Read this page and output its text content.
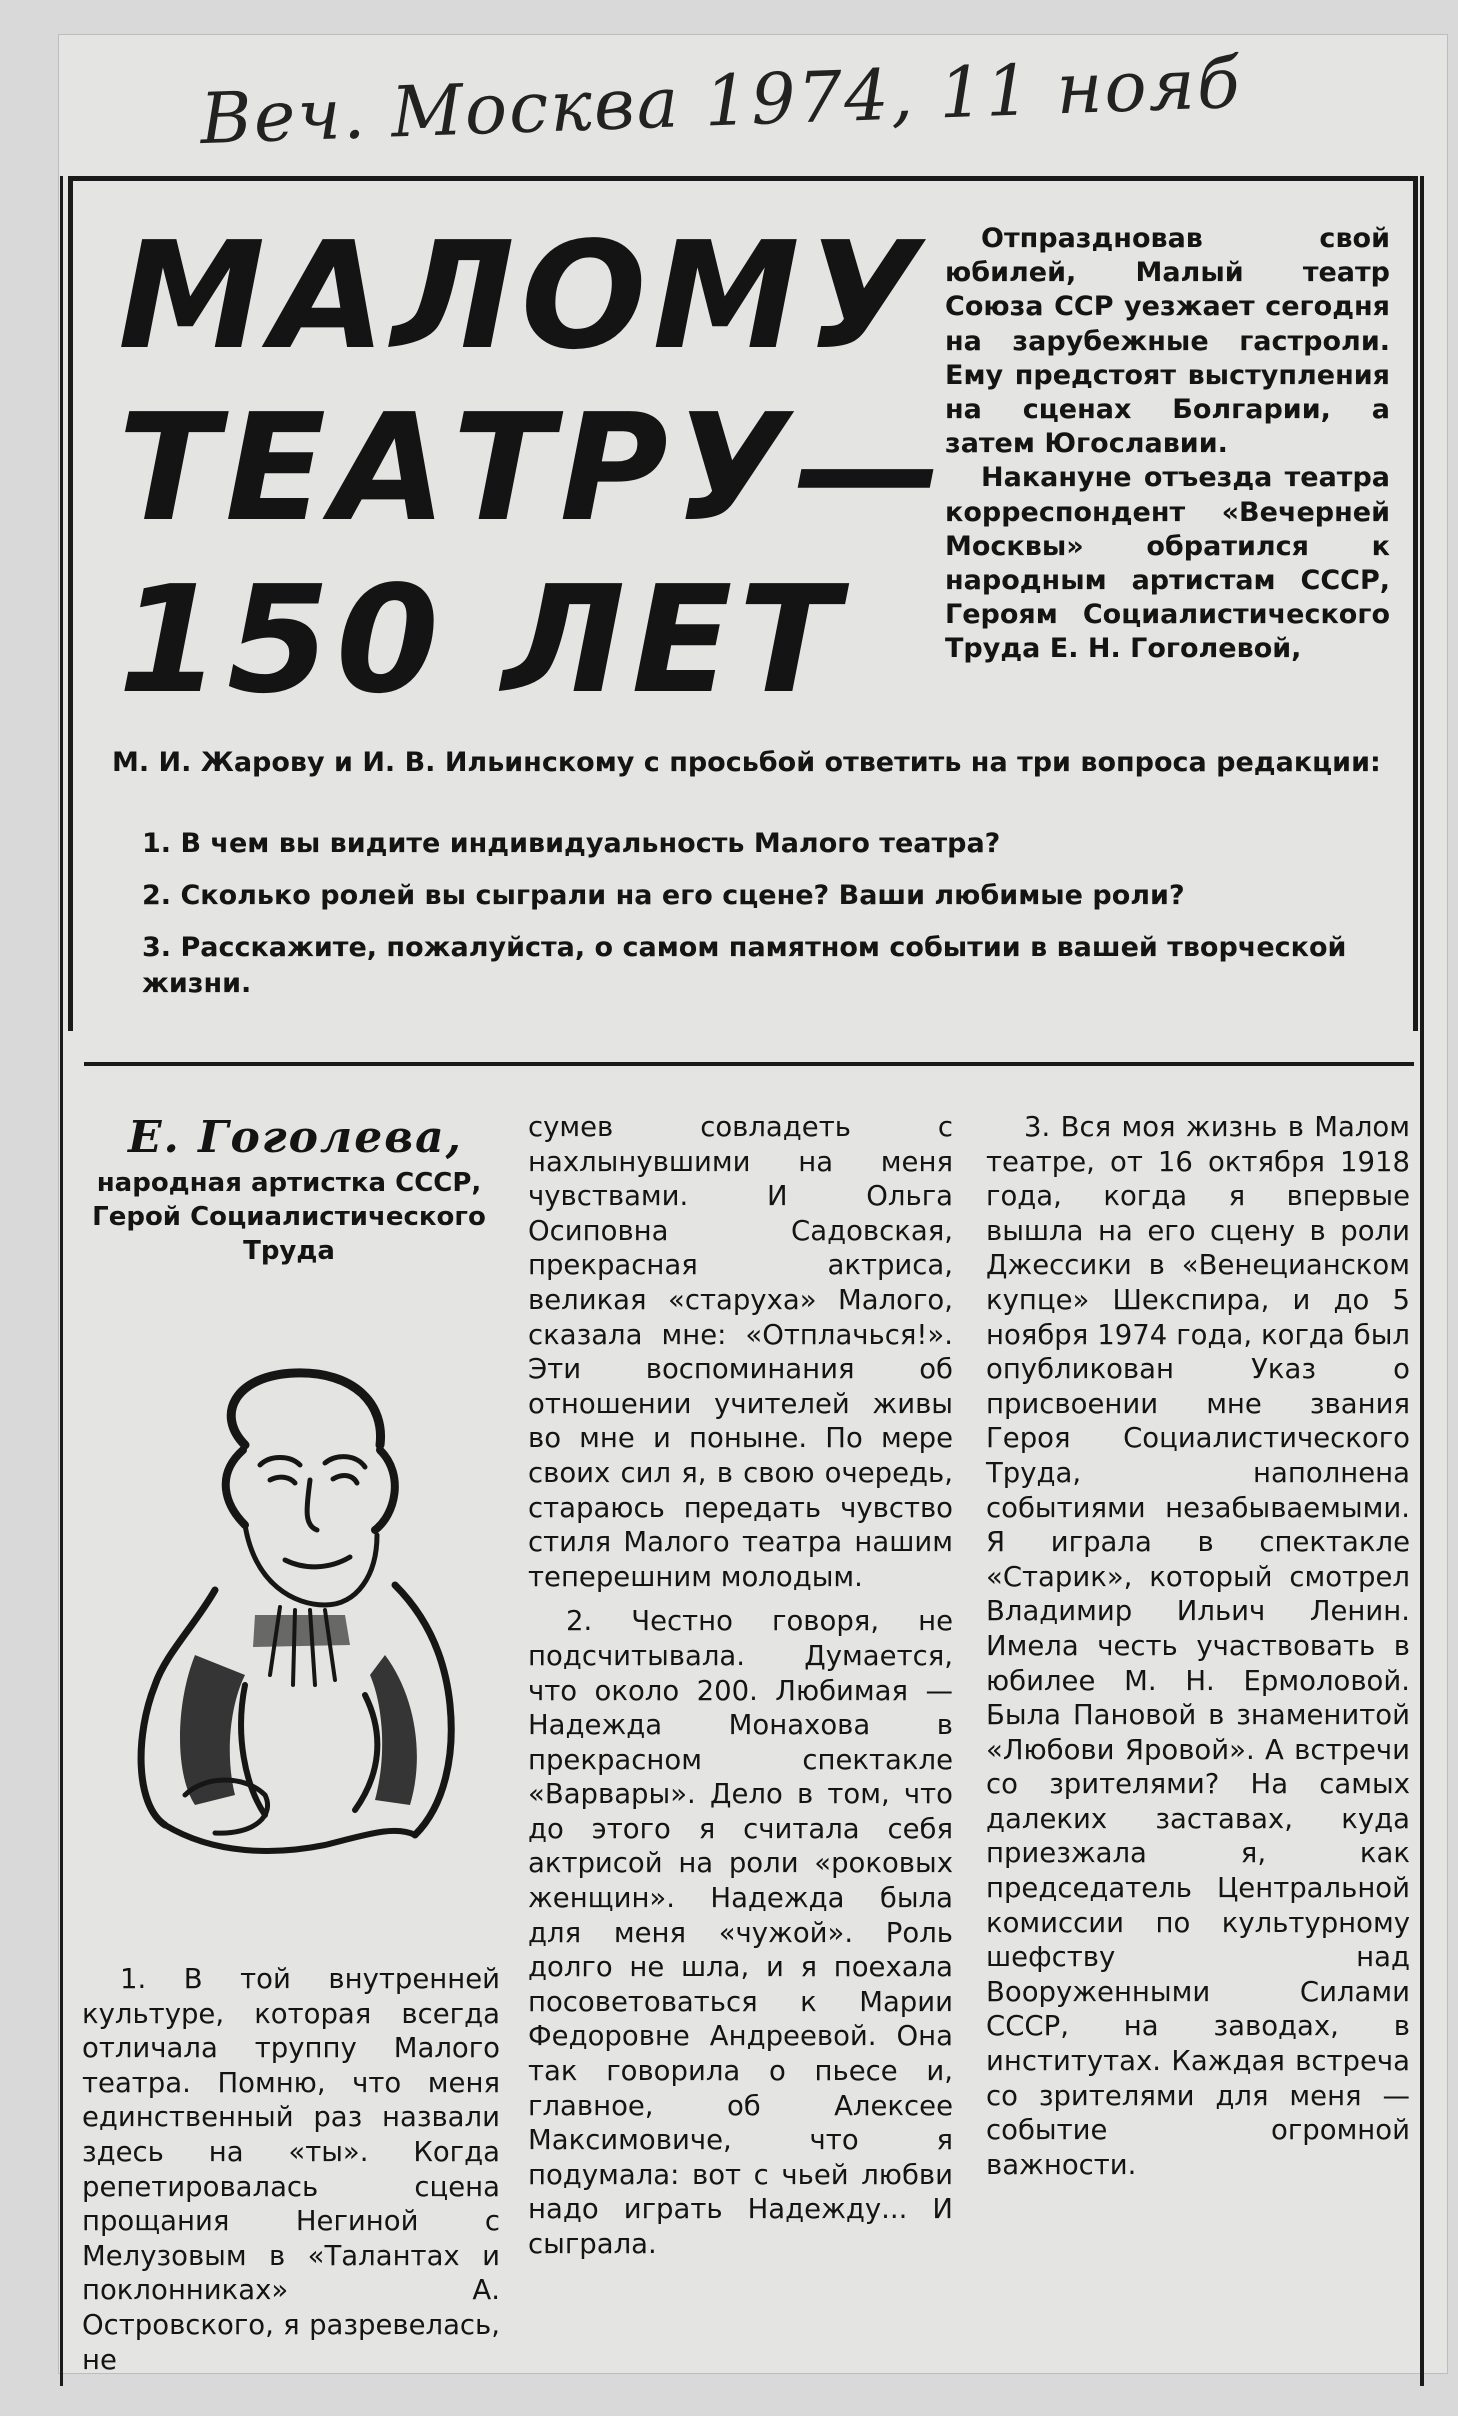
Веч. Москва 1974, 11 нояб
МАЛОМУ
ТЕАТРУ—
150 ЛЕТ

Отпраздновав свой юбилей, Малый театр Союза ССР уезжает сегодня на зарубежные гастроли. Ему предстоят выступления на сценах Болгарии, а затем Югославии.

Накануне отъезда театра корреспондент «Вечерней Москвы» обратился к народным артистам СССР, Героям Социалистического Труда Е. Н. Гоголевой,

М. И. Жарову и И. В. Ильинскому с просьбой ответить на три вопроса редакции:
1. В чем вы видите индивидуальность Малого театра?
2. Сколько ролей вы сыграли на его сцене? Ваши любимые роли?
3. Расскажите, пожалуйста, о самом памятном событии в вашей творческой жизни.
Е. Гоголева,
народная артистка СССР, Герой Социалистического Труда

1. В той внутренней культуре, которая всегда отличала труппу Малого театра. Помню, что меня единственный раз назвали здесь на «ты». Когда репетировалась сцена прощания Негиной с Мелузовым в «Талантах и поклонниках» А. Островского, я разревелась, не

сумев совладеть с нахлынувшими на меня чувствами. И Ольга Осиповна Садовская, прекрасная актриса, великая «старуха» Малого, сказала мне: «Отплачься!». Эти воспоминания об отношении учителей живы во мне и поныне. По мере своих сил я, в свою очередь, стараюсь передать чувство стиля Малого театра нашим теперешним молодым.

2. Честно говоря, не подсчитывала. Думается, что около 200. Любимая — Надежда Монахова в прекрасном спектакле «Варвары». Дело в том, что до этого я считала себя актрисой на роли «роковых женщин». Надежда была для меня «чужой». Роль долго не шла, и я поехала посоветоваться к Марии Федоровне Андреевой. Она так говорила о пьесе и, главное, об Алексее Максимовиче, что я подумала: вот с чьей любви надо играть Надежду... И сыграла.

3. Вся моя жизнь в Малом театре, от 16 октября 1918 года, когда я впервые вышла на его сцену в роли Джессики в «Венецианском купце» Шекспира, и до 5 ноября 1974 года, когда был опубликован Указ о присвоении мне звания Героя Социалистического Труда, наполнена событиями незабываемыми. Я играла в спектакле «Старик», который смотрел Владимир Ильич Ленин. Имела честь участвовать в юбилее М. Н. Ермоловой. Была Пановой в знаменитой «Любови Яровой». А встречи со зрителями? На самых далеких заставах, куда приезжала я, как председатель Центральной комиссии по культурному шефству над Вооруженными Силами СССР, на заводах, в институтах. Каждая встреча со зрителями для меня — событие огромной важности.
